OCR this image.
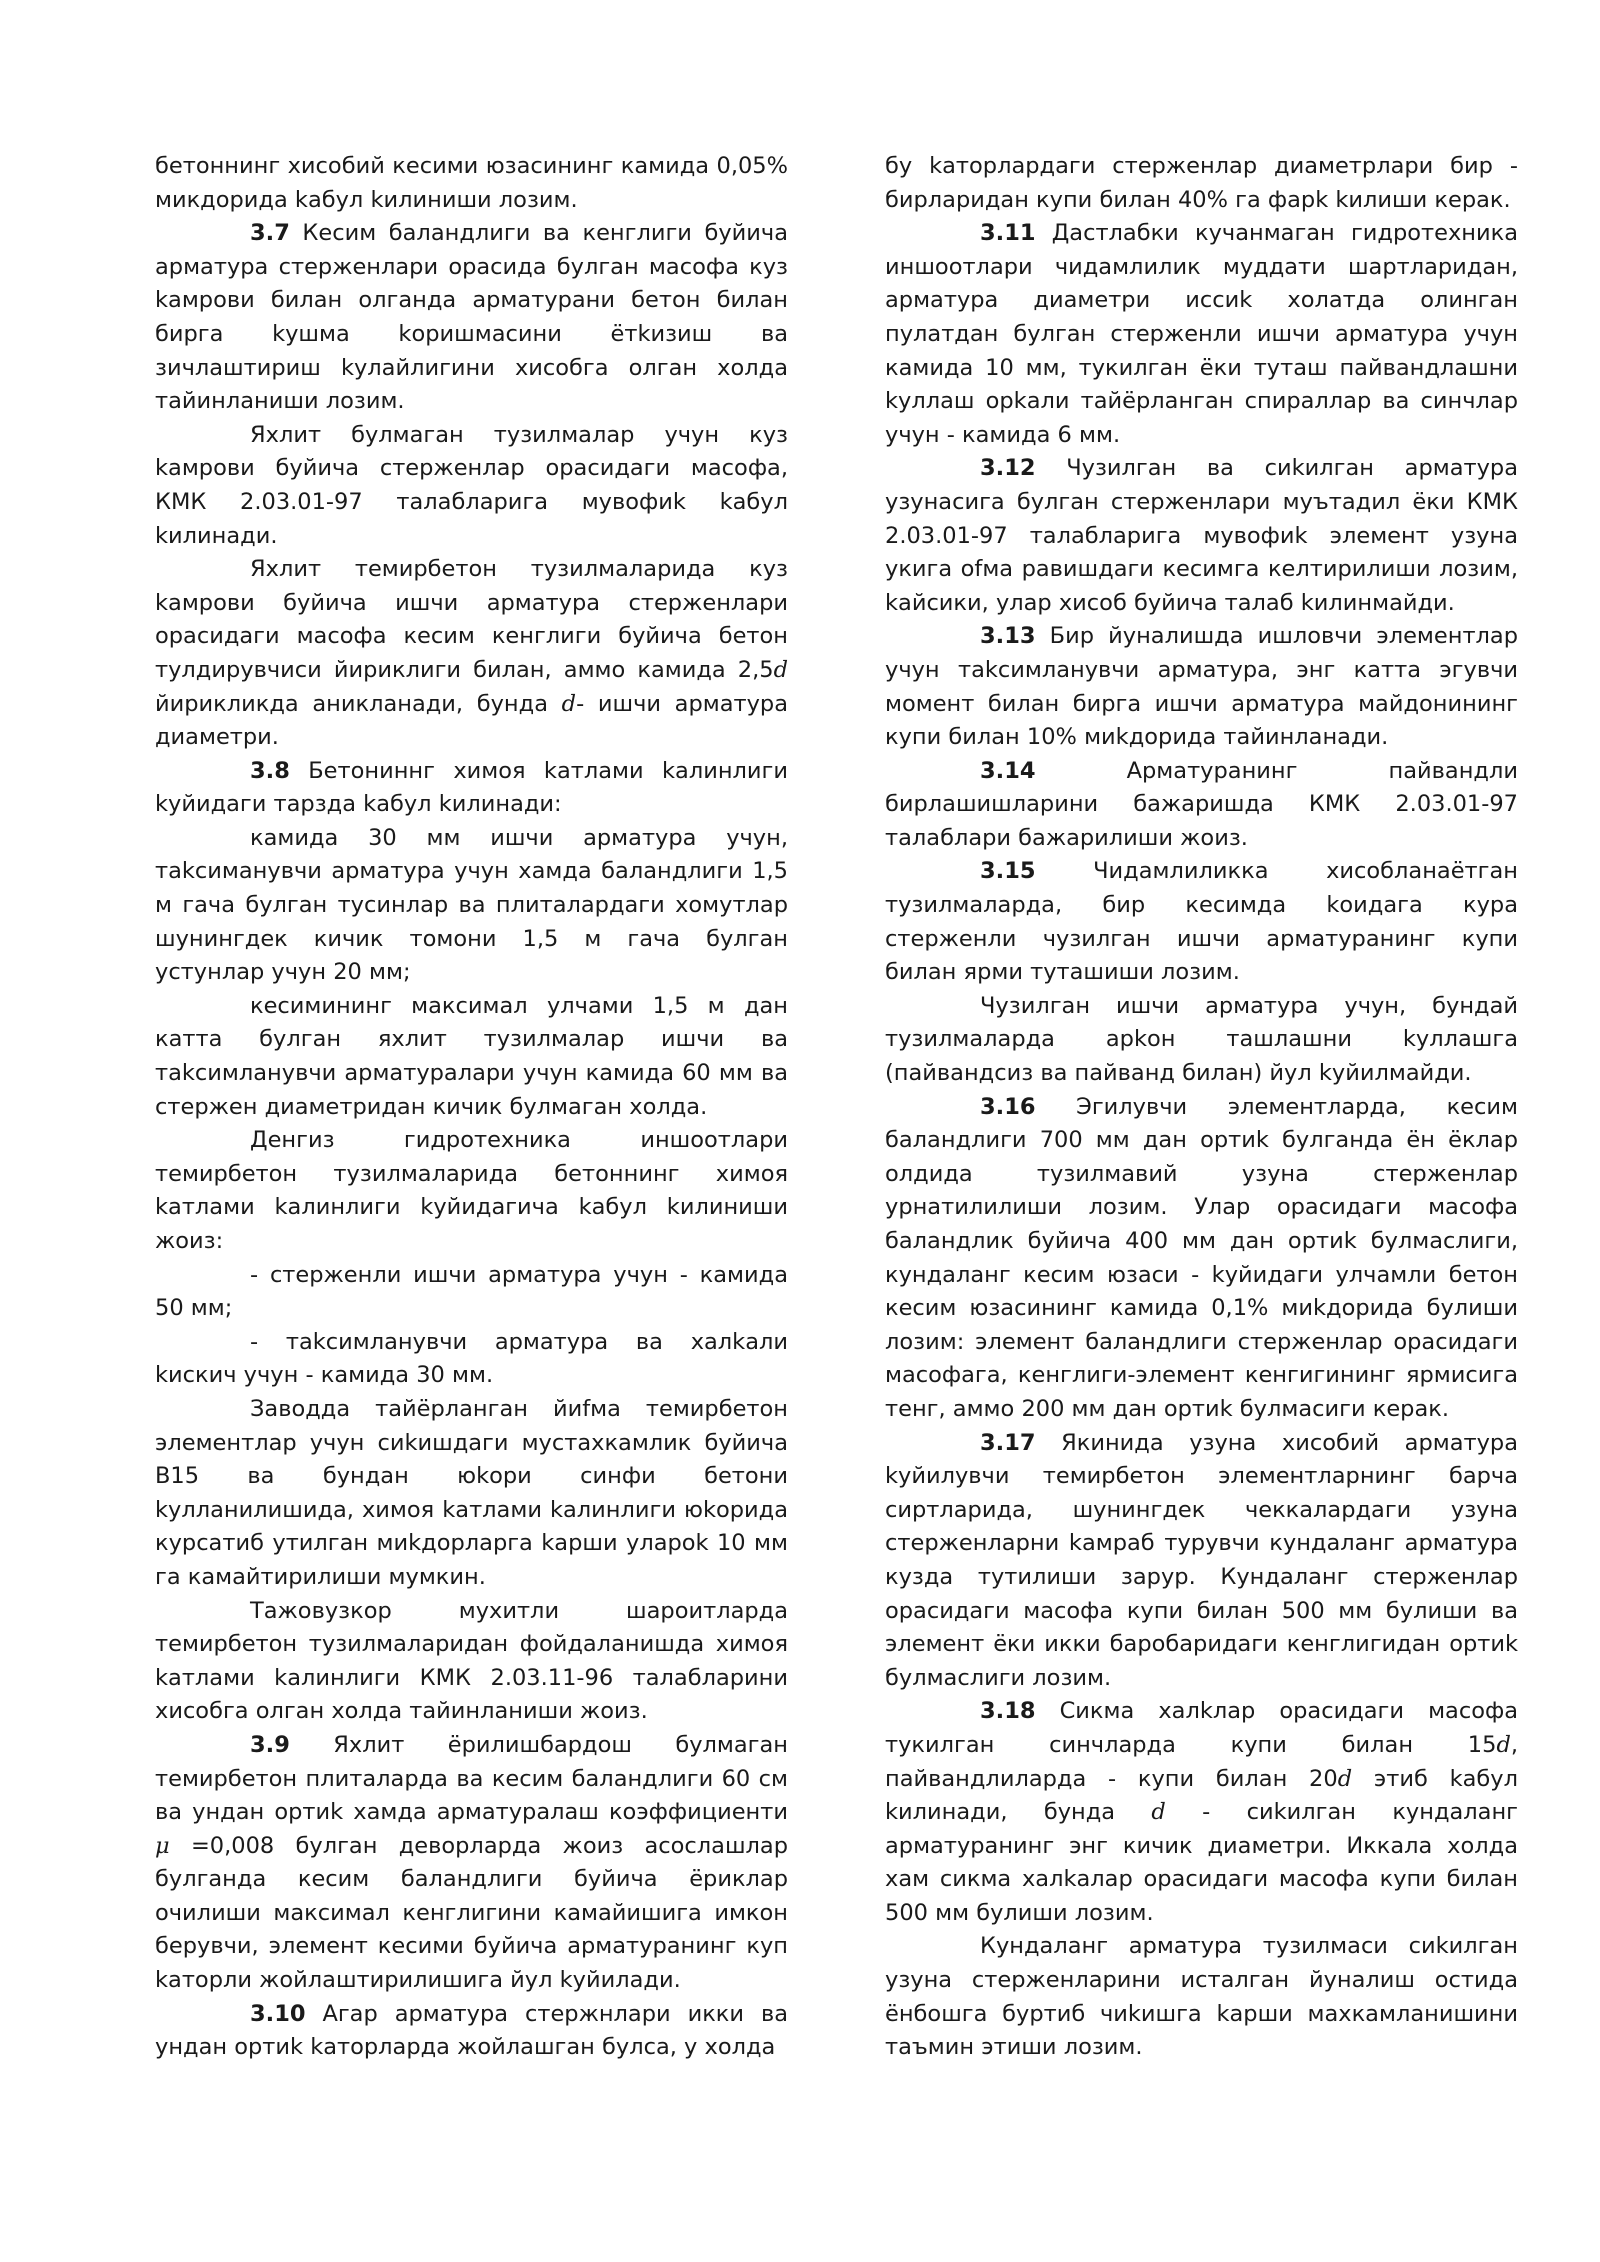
бетоннинг хисобий кесими юзасининг камида 0,05% микдорида kабул kилиниши лозим.

3.7 Кесим баландлиги ва кенглиги буйича арматура стерженлари орасида булган масофа куз kамрови билан олганда арматурани бетон билан бирга kушма kоришмасини ётkизиш ва зичлаштириш kулайлигини хисобга олган холда тайинланиши лозим.

Яхлит булмаган тузилмалар учун куз kамрови буйича стерженлар орасидаги масофа, КМК 2.03.01-97 талабларига мувофиk kабул kилинади.

Яхлит темирбетон тузилмаларида куз kамрови буйича ишчи арматура стерженлари орасидаги масофа кесим кенглиги буйича бетон тулдирувчиси йириклиги билан, аммо камида 2,5d йирикликда аникланади, бунда d- ишчи арматура диаметри.

3.8 Бетониннг химоя kатлами kалинлиги kуйидаги тарзда kабул kилинади:

камида 30 мм ишчи арматура учун, тakсиманувчи арматура учун хамда баландлиги 1,5 м гача булган тусинлар ва плиталардаги хомутлар шунингдек кичик томони 1,5 м гача булган устунлар учун 20 мм;

кесимининг максимал улчами 1,5 м дан катта булган яхлит тузилмалар ишчи ва тakсимланувчи арматуралари учун камида 60 мм ва стержен диаметридан кичик булмаган холда.

Денгиз гидротехника иншоотлари темирбетон тузилмаларида бетоннинг химоя kатлами kалинлиги kуйидагича kабул kилиниши жоиз:

- стерженли ишчи арматура учун - камида 50 мм;

- тakсимланувчи арматура ва халkали kискич учун - камида 30 мм.

Заводда тайёрланган йиfма темирбетон элементлар учун сиkишдаги мустахкамлик буйича В15 ва бундан юkори синфи бетони kулланилишида, химоя kатлами kалинлиги юkорида курсатиб утилган миkдорларга kарши улароk 10 мм га камайтирилиши мумкин.

Тажовузкор мухитли шароитларда темирбетон тузилмаларидан фойдаланишда химоя kатлами kалинлиги КМК 2.03.11-96 талабларини хисобга олган холда тайинланиши жоиз.

3.9 Яхлит ёрилишбардош булмаган темирбетон плиталарда ва кесим баландлиги 60 см ва ундан ортиk хамда арматуралаш коэффициенти μ =0,008 булган деворларда жоиз асослашлар булганда кесим баландлиги буйича ёриклар очилиши максимал кенглигини камайишига имкон берувчи, элемент кесими буйича арматуранинг куп kаторли жойлаштирилишига йул kуйилади.

3.10 Агар арматура стержнлари икки ва ундан ортиk kаторларда жойлашган булса, у холда

бу kаторлардаги стерженлар диаметрлари бир - бирларидан купи билан 40% га фарk kилиши керак.

3.11 Дастлабки кучанмаган гидротехника иншоотлари чидамлилик муддати шартларидан, арматура диаметри иссиk холатда олинган пулатдан булган стерженли ишчи арматура учун камида 10 мм, тукилган ёки туташ пайвандлашни kуллаш орkали тайёрланган спираллар ва синчлар учун - камида 6 мм.

3.12 Чузилган ва сиkилган арматура узунасига булган стерженлари муътадил ёки КМК 2.03.01-97 талабларига мувофиk элемент узуна укига оfма равишдаги кесимга келтирилиши лозим, kайсики, улар хисоб буйича талаб kилинмайди.

3.13 Бир йуналишда ишловчи элементлар учун тakсимланувчи арматура, энг катта эгувчи момент билан бирга ишчи арматура майдонининг купи билан 10% миkдорида тайинланади.

3.14 Арматуранинг пайвандли бирлашишларини бажаришда КМК 2.03.01-97 талаблари бажарилиши жоиз.

3.15 Чидамлиликка хисобланаётган тузилмаларда, бир кесимда kоидага кура стерженли чузилган ишчи арматуранинг купи билан ярми туташиши лозим.

Чузилган ишчи арматура учун, бундай тузилмаларда арkон ташлашни kуллашга (пайвандсиз ва пайванд билан) йул kуйилмайди.

3.16 Эгилувчи элементларда, кесим баландлиги 700 мм дан ортиk булганда ён ёклар олдида тузилмавий узуна стерженлар урнатилилиши лозим. Улар орасидаги масофа баландлик буйича 400 мм дан ортиk булмаслиги, кундаланг кесим юзаси - kуйидаги улчамли бетон кесим юзасининг камида 0,1% миkдорида булиши лозим: элемент баландлиги стерженлар орасидаги масофага, кенглиги-элемент кенгигининг ярмисига тенг, аммо 200 мм дан ортиk булмасиги керак.

3.17 Якинида узуна хисобий арматура kуйилувчи темирбетон элементларнинг барча сиртларида, шунингдек чеккалардаги узуна стерженларни kамраб турувчи кундаланг арматура кузда тутилиши зарур. Кундаланг стерженлар орасидаги масофа купи билан 500 мм булиши ва элемент ёки икки баробаридаги кенглигидан ортиk булмаслиги лозим.

3.18 Сикма халkлар орасидаги масофа тукилган синчларда купи билан 15d, пайвандлиларда - купи билан 20d этиб kабул kилинади, бунда d - сиkилган кундаланг арматуранинг энг кичик диаметри. Иккала холда хам сикма халkалар орасидаги масофа купи билан 500 мм булиши лозим.

Кундаланг арматура тузилмаси сиkилган узуна стерженларини исталган йуналиш остида ёнбошга буртиб чиkишга kарши махкамланишини таъмин этиши лозим.
